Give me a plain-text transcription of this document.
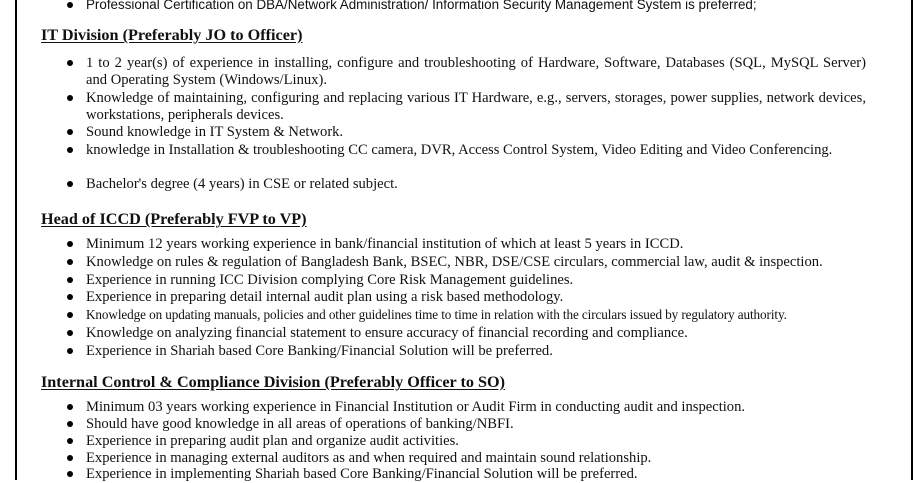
Professional Certification on DBA/Network Administration/ Information Security Management System is preferred;
IT Division (Preferably JO to Officer)
1 to 2 year(s) of experience in installing, configure and troubleshooting of Hardware, Software, Databases (SQL, MySQL Server) and Operating System (Windows/Linux).
Knowledge of maintaining, configuring and replacing various IT Hardware, e.g., servers, storages, power supplies, network devices, workstations, peripherals devices.
Sound knowledge in IT System & Network.
knowledge in Installation & troubleshooting CC camera, DVR, Access Control System, Video Editing and Video Conferencing.
Bachelor's degree (4 years) in CSE or related subject.
Head of ICCD (Preferably FVP to VP)
Minimum 12 years working experience in bank/financial institution of which at least 5 years in ICCD.
Knowledge on rules & regulation of Bangladesh Bank, BSEC, NBR, DSE/CSE circulars, commercial law, audit & inspection.
Experience in running ICC Division complying Core Risk Management guidelines.
Experience in preparing detail internal audit plan using a risk based methodology.
Knowledge on updating manuals, policies and other guidelines time to time in relation with the circulars issued by regulatory authority.
Knowledge on analyzing financial statement to ensure accuracy of financial recording and compliance.
Experience in Shariah based Core Banking/Financial Solution will be preferred.
Internal Control & Compliance Division (Preferably Officer to SO)
Minimum 03 years working experience in Financial Institution or Audit Firm in conducting audit and inspection.
Should have good knowledge in all areas of operations of banking/NBFI.
Experience in preparing audit plan and organize audit activities.
Experience in managing external auditors as and when required and maintain sound relationship.
Experience in implementing Shariah based Core Banking/Financial Solution will be preferred.
